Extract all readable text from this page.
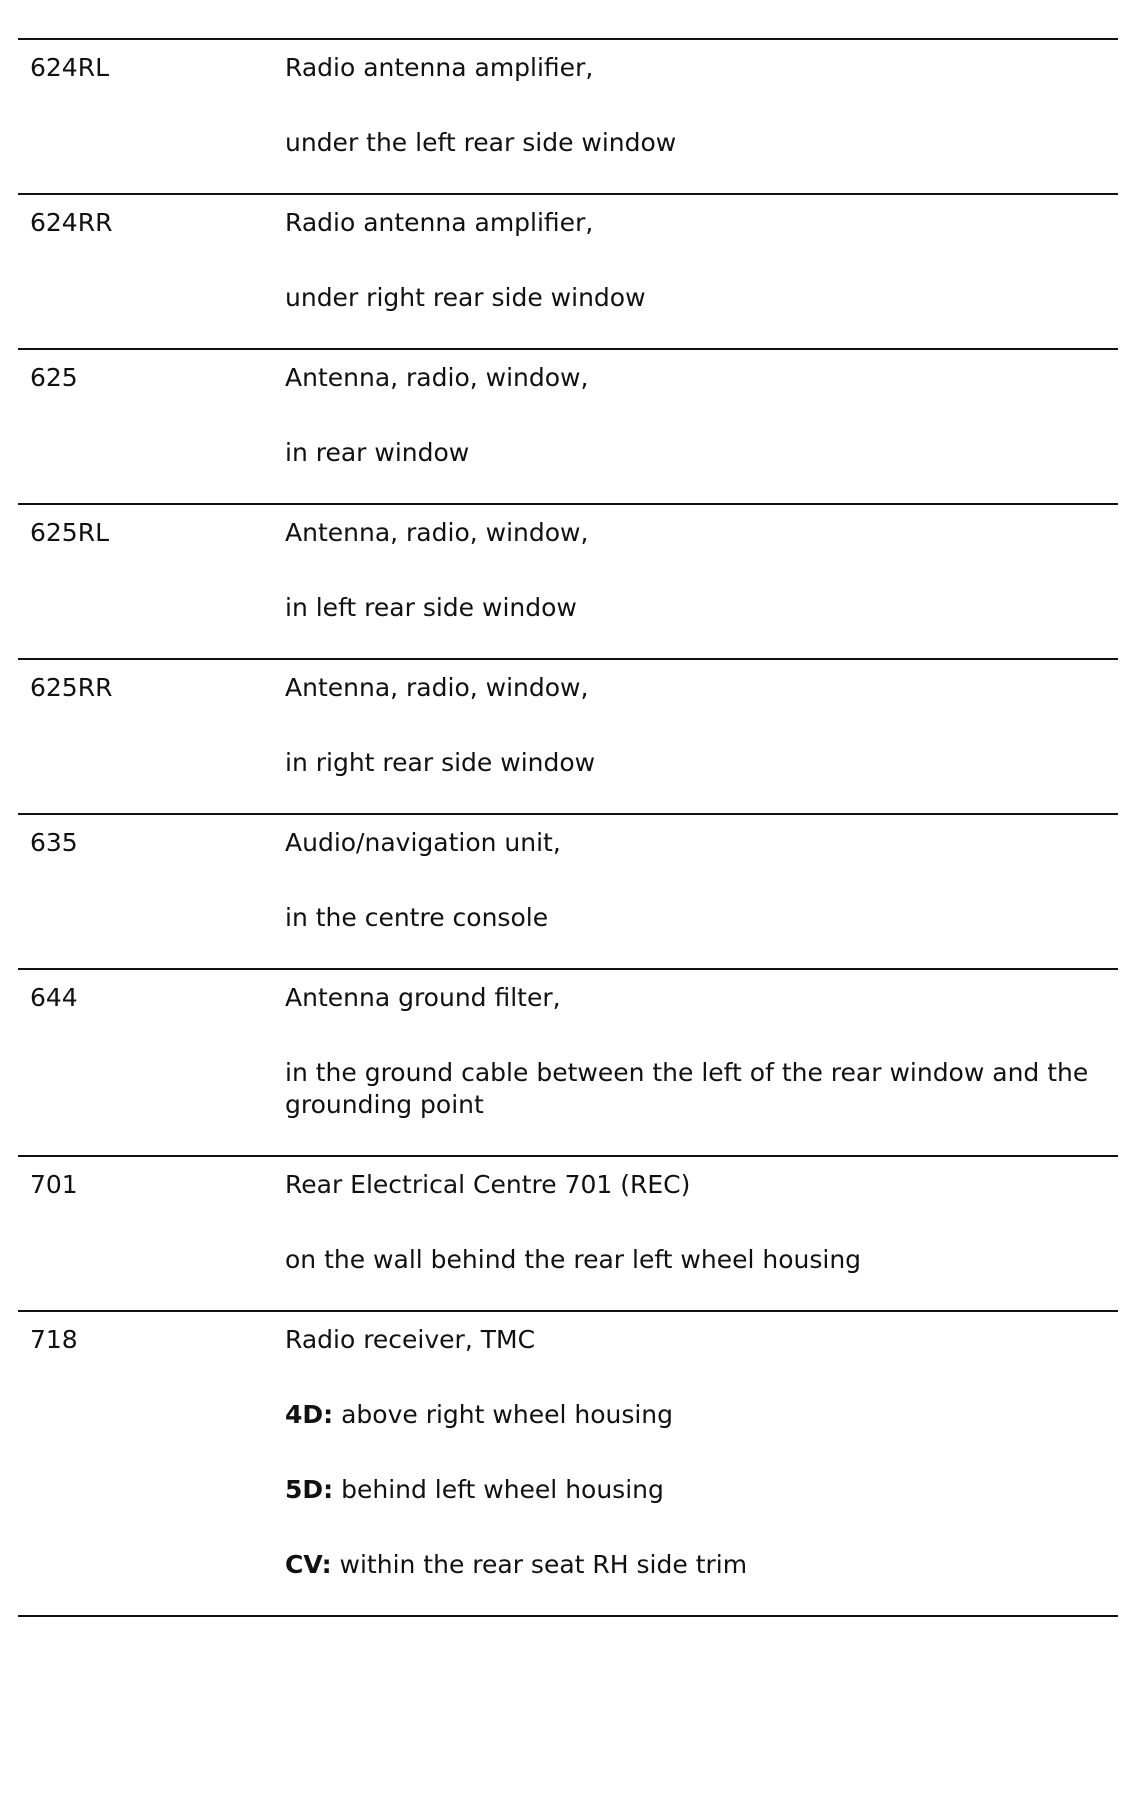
624RL	Radio antenna amplifier,

under the left rear side window

624RR	Radio antenna amplifier,

under right rear side window

625	Antenna, radio, window,

in rear window

625RL	Antenna, radio, window,

in left rear side window

625RR	Antenna, radio, window,

in right rear side window

635	Audio/navigation unit,

in the centre console

644	Antenna ground filter,

in the ground cable between the left of the rear window and the grounding point

701	Rear Electrical Centre 701 (REC)

on the wall behind the rear left wheel housing

718	Radio receiver, TMC

4D: above right wheel housing

5D: behind left wheel housing

CV: within the rear seat RH side trim
